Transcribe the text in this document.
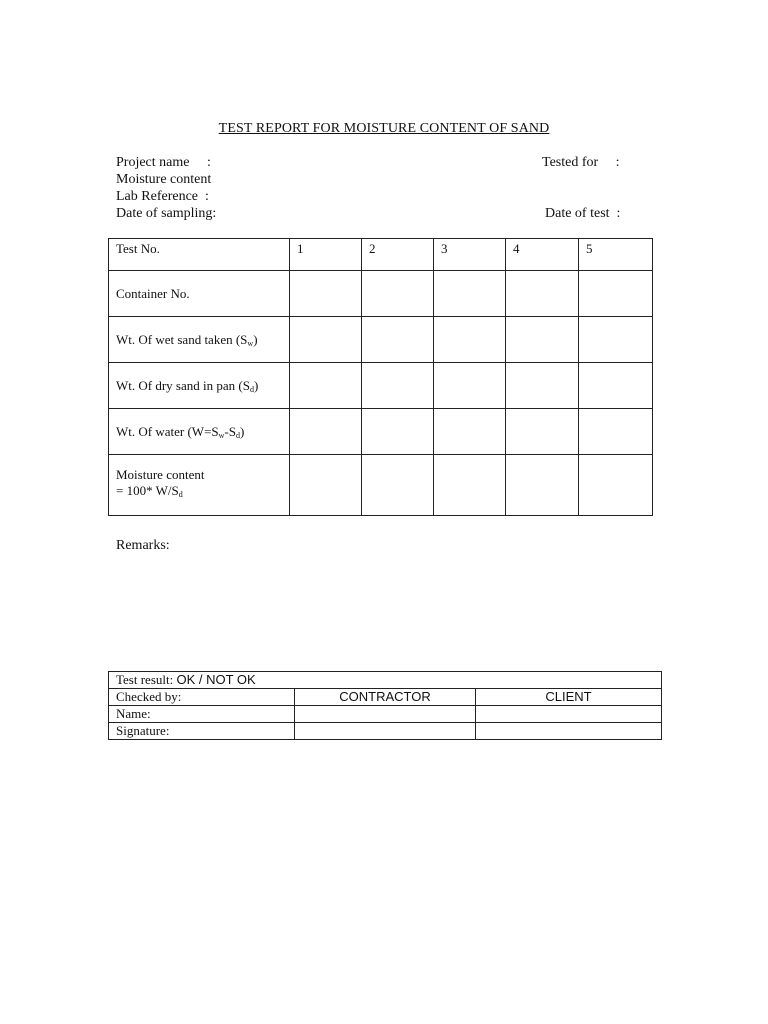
TEST REPORT FOR MOISTURE CONTENT OF SAND
Project name     :
Moisture content
Lab Reference  :
Date of sampling:
Tested for     :
Date of test  :
Test No.	1	2	3	4	5
Container No.					
Wt. Of wet sand taken $(S_w)$					
Wt. Of dry sand in pan $(S_d)$					
Wt. Of water $(W=S_w-S_d)$					
Moisture content
= 100* $W/S_d$					
Remarks:
Test result: OK / NOT OK		
Checked by:	CONTRACTOR	CLIENT
Name:		
Signature:		
